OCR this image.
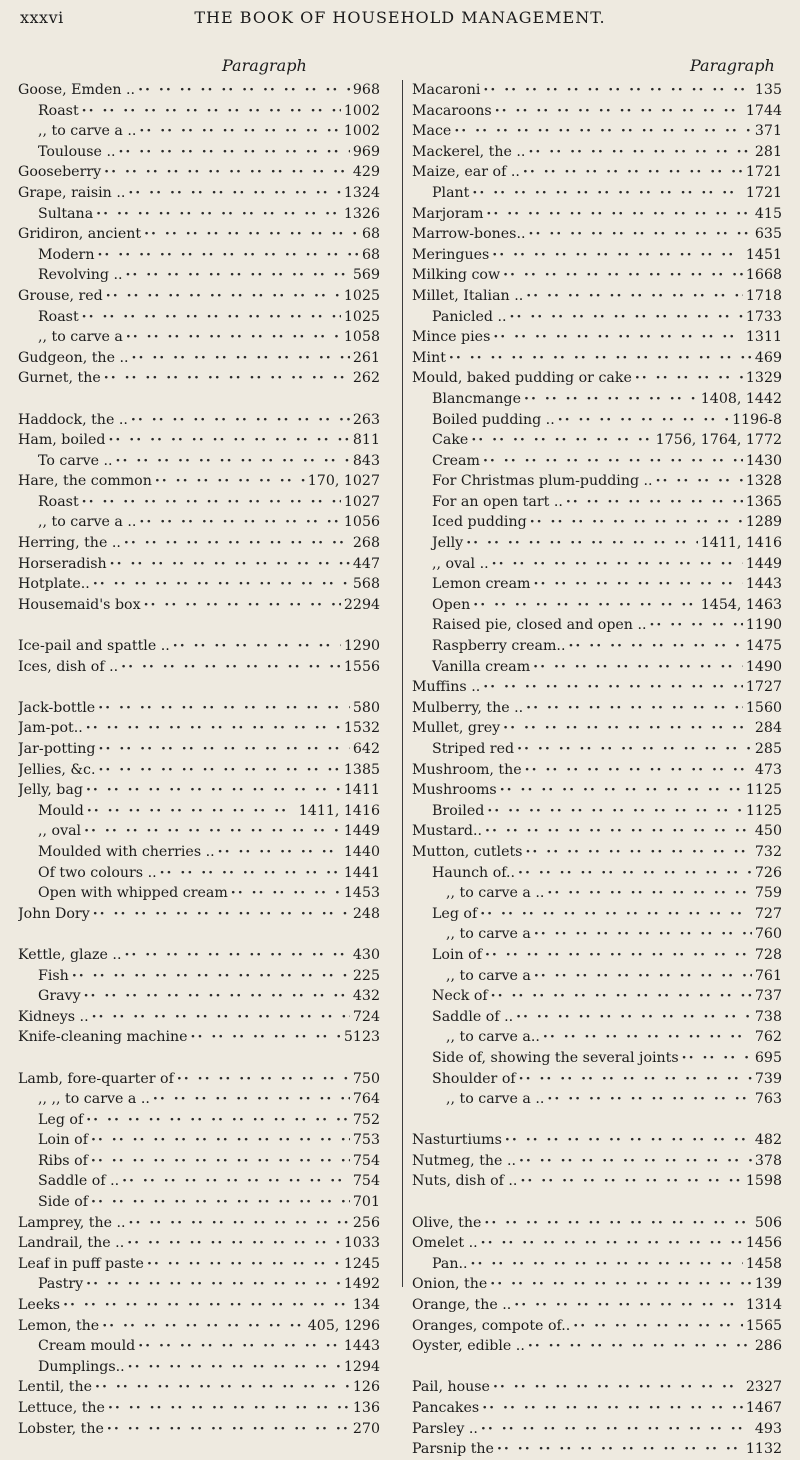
xxxvi	THE BOOK OF HOUSEHOLD MANAGEMENT.
Paragraph	Paragraph
Goose, Emden .. ·· ··	968
Roast ·· ··	1002
,, to carve a .. ·· ··	1002
Toulouse .. ·· ··	969
Gooseberry ·· ··	429
Grape, raisin .. ·· ··	1324
Sultana ·· ··	1326
Gridiron, ancient ·· ··	68
Modern ·· ··	68
Revolving .. ·· ··	569
Grouse, red ·· ··	1025
Roast ·· ··	1025
,, to carve a ·· ··	1058
Gudgeon, the .. ·· ··	261
Gurnet, the ·· ··	262
Haddock, the .. ·· ··	263
Ham, boiled ·· ··	811
To carve .. ·· ··	843
Hare, the common ·· ··	170, 1027
Roast ·· ··	1027
,, to carve a .. ·· ··	1056
Herring, the .. ·· ··	268
Horseradish ·· ··	447
Hotplate.. ·· ··	568
Housemaid's box ·· ··	2294
Ice-pail and spattle .. ·· ··	1290
Ices, dish of .. ·· ··	1556
Jack-bottle ·· ··	580
Jam-pot.. ·· ··	1532
Jar-potting ·· ··	642
Jellies, &c. ·· ··	1385
Jelly, bag ·· ··	1411
Mould ·· ··	1411, 1416
,, oval ·· ··	1449
Moulded with cherries .. ·· ··	1440
Of two colours .. ·· ··	1441
Open with whipped cream ·· ··	1453
John Dory ·· ··	248
Kettle, glaze .. ·· ··	430
Fish ·· ··	225
Gravy ·· ··	432
Kidneys .. ·· ··	724
Knife-cleaning machine ·· ··	5123
Lamb, fore-quarter of ·· ··	750
,, ,, to carve a .. ·· ··	764
Leg of ·· ··	752
Loin of ·· ··	753
Ribs of ·· ··	754
Saddle of .. ·· ··	754
Side of ·· ··	701
Lamprey, the .. ·· ··	256
Landrail, the .. ·· ··	1033
Leaf in puff paste ·· ··	1245
Pastry ·· ··	1492
Leeks ·· ··	134
Lemon, the ·· ··	405, 1296
Cream mould ·· ··	1443
Dumplings.. ·· ··	1294
Lentil, the ·· ··	126
Lettuce, the ·· ··	136
Lobster, the ·· ··	270
Macaroni ·· ··	135
Macaroons ·· ··	1744
Mace ·· ··	371
Mackerel, the .. ·· ··	281
Maize, ear of .. ·· ··	1721
Plant ·· ··	1721
Marjoram ·· ··	415
Marrow-bones.. ·· ··	635
Meringues ·· ··	1451
Milking cow ·· ··	1668
Millet, Italian .. ·· ··	1718
Panicled .. ·· ··	1733
Mince pies ·· ··	1311
Mint ·· ··	469
Mould, baked pudding or cake ·· ··	1329
Blancmange ·· ··	1408, 1442
Boiled pudding .. ·· ··	1196-8
Cake ·· ··	1756, 1764, 1772
Cream ·· ··	1430
For Christmas plum-pudding .. ·· ··	1328
For an open tart .. ·· ··	1365
Iced pudding ·· ··	1289
Jelly ·· ··	1411, 1416
,, oval .. ·· ··	1449
Lemon cream ·· ··	1443
Open ·· ··	1454, 1463
Raised pie, closed and open .. ·· ··	1190
Raspberry cream.. ·· ··	1475
Vanilla cream ·· ··	1490
Muffins .. ·· ··	1727
Mulberry, the .. ·· ··	1560
Mullet, grey ·· ··	284
Striped red ·· ··	285
Mushroom, the ·· ··	473
Mushrooms ·· ··	1125
Broiled ·· ··	1125
Mustard.. ·· ··	450
Mutton, cutlets ·· ··	732
Haunch of.. ·· ··	726
,, to carve a .. ·· ··	759
Leg of ·· ··	727
,, to carve a ·· ··	760
Loin of ·· ··	728
,, to carve a ·· ··	761
Neck of ·· ··	737
Saddle of .. ·· ··	738
,, to carve a.. ·· ··	762
Side of, showing the several joints ·· ··	695
Shoulder of ·· ··	739
,, to carve a .. ·· ··	763
Nasturtiums ·· ··	482
Nutmeg, the .. ·· ··	378
Nuts, dish of .. ·· ··	1598
Olive, the ·· ··	506
Omelet .. ·· ··	1456
Pan.. ·· ··	1458
Onion, the ·· ··	139
Orange, the .. ·· ··	1314
Oranges, compote of.. ·· ··	1565
Oyster, edible .. ·· ··	286
Pail, house ·· ··	2327
Pancakes ·· ··	1467
Parsley .. ·· ··	493
Parsnip the ·· ··	1132
